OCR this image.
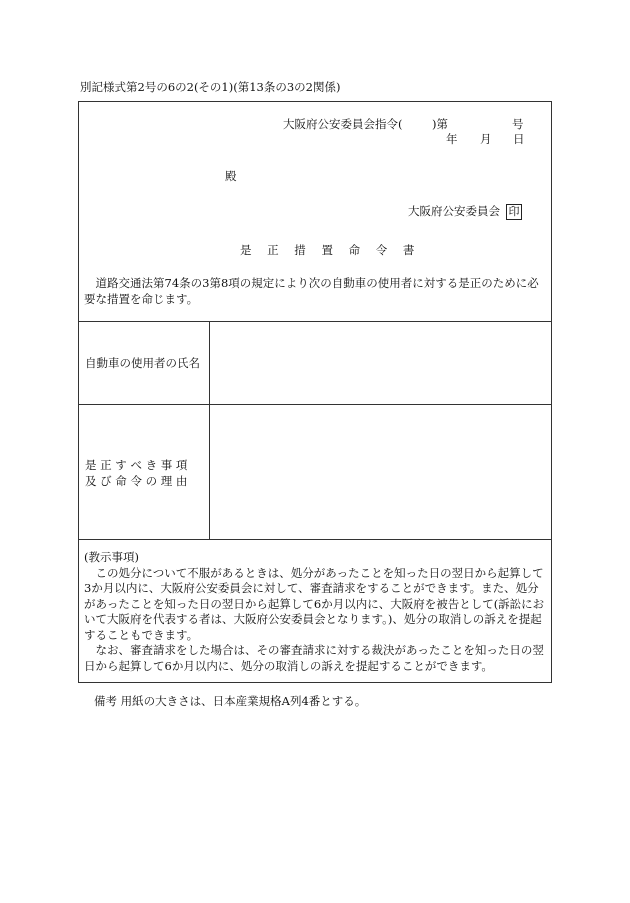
別記様式第2号の6の2(その1)(第13条の3の2関係)
大阪府公安委員会指令(	)第	号
年 月 日
殿
大阪府公安委員会 印
是 正 措 置 命 令 書

道路交通法第74条の3第8項の規定により次の自動車の使用者に対する是正のために必要な措置を命じます。

自動車の使用者の氏名
是 正 す べ き 事 項
及 び 命 令 の 理 由

(教示事項)

この処分について不服があるときは、処分があったことを知った日の翌日から起算して3か月以内に、大阪府公安委員会に対して、審査請求をすることができます。また、処分があったことを知った日の翌日から起算して6か月以内に、大阪府を被告として(訴訟において大阪府を代表する者は、大阪府公安委員会となります。)、処分の取消しの訴えを提起することもできます。

なお、審査請求をした場合は、その審査請求に対する裁決があったことを知った日の翌日から起算して6か月以内に、処分の取消しの訴えを提起することができます。

備考 用紙の大きさは、日本産業規格A列4番とする。
